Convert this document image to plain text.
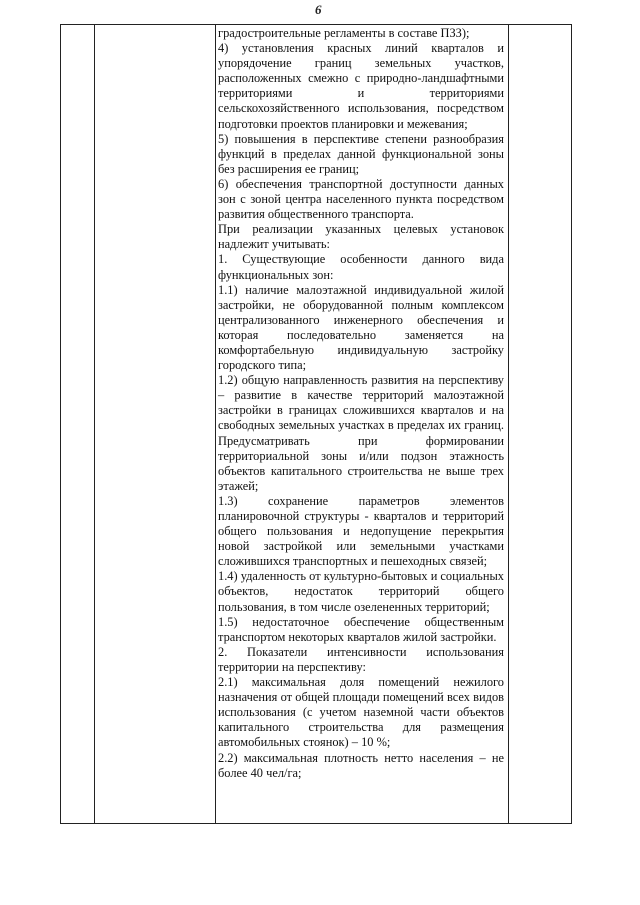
6

градостроительные регламенты в составе ПЗЗ);

4) установления красных линий кварталов и упорядочение границ земельных участков, расположенных смежно с природно-ландшафтными территориями и территориями сельскохозяйственного использования, посредством подготовки проектов планировки и межевания;

5) повышения в перспективе степени разнообразия функций в пределах данной функциональной зоны без расширения ее границ;

6) обеспечения транспортной доступности данных зон с зоной центра населенного пункта посредством развития общественного транспорта.

При реализации указанных целевых установок надлежит учитывать:

1. Существующие особенности данного вида функциональных зон:

1.1) наличие малоэтажной индивидуальной жилой застройки, не оборудованной полным комплексом централизованного инженерного обеспечения и которая последовательно заменяется на комфортабельную индивидуальную застройку городского типа;

1.2) общую направленность развития на перспективу – развитие в качестве территорий малоэтажной застройки в границах сложившихся кварталов и на свободных земельных участках в пределах их границ. Предусматривать при формировании территориальной зоны и/или подзон этажность объектов капитального строительства не выше трех этажей;

1.3) сохранение параметров элементов планировочной структуры - кварталов и территорий общего пользования и недопущение перекрытия новой застройкой или земельными участками сложившихся транспортных и пешеходных связей;

1.4) удаленность от культурно-бытовых и социальных объектов, недостаток территорий общего пользования, в том числе озелененных территорий;

1.5) недостаточное обеспечение общественным транспортом некоторых кварталов жилой застройки.

2. Показатели интенсивности использования территории на перспективу:

2.1) максимальная доля помещений нежилого назначения от общей площади помещений всех видов использования (с учетом наземной части объектов капитального строительства для размещения автомобильных стоянок) – 10 %;

2.2) максимальная плотность нетто населения – не более 40 чел/га;
